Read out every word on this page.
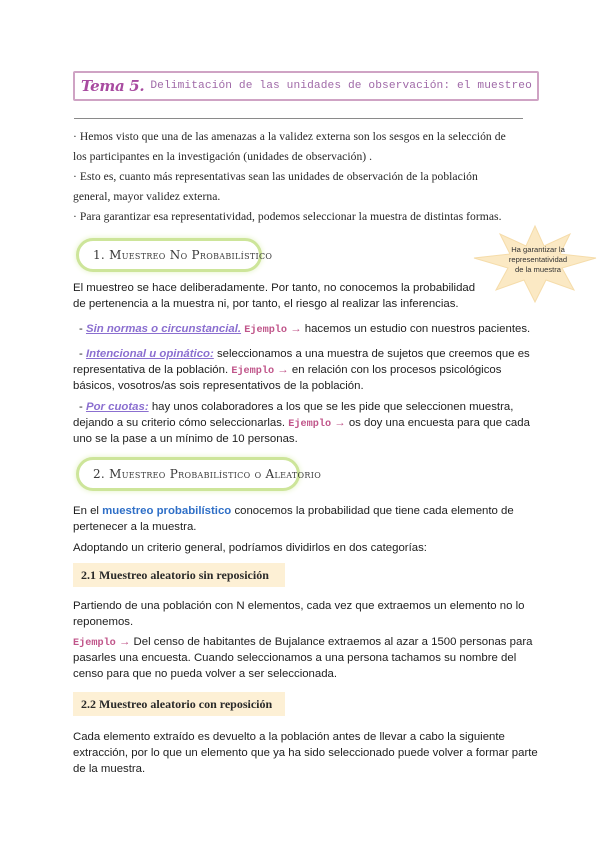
Tema 5. Delimitación de las unidades de observación: el muestreo
· Hemos visto que una de las amenazas a la validez externa son los sesgos en la selección de
los participantes en la investigación (unidades de observación) .
· Esto es, cuanto más representativas sean las unidades de observación de la población
general, mayor validez externa.
· Para garantizar esa representatividad, podemos seleccionar la muestra de distintas formas.
1. Muestreo No Probabilístico	Ha garantizar la
representatividad
de la muestra
El muestreo se hace deliberadamente. Por tanto, no conocemos la probabilidad
de pertenencia a la muestra ni, por tanto, el riesgo al realizar las inferencias.
- Sin normas o circunstancial. Ejemplo → hacemos un estudio con nuestros pacientes.
- Intencional u opinático: seleccionamos a una muestra de sujetos que creemos que es
representativa de la población. Ejemplo → en relación con los procesos psicológicos
básicos, vosotros/as sois representativos de la población.
- Por cuotas: hay unos colaboradores a los que se les pide que seleccionen muestra,
dejando a su criterio cómo seleccionarlas. Ejemplo → os doy una encuesta para que cada
uno se la pase a un mínimo de 10 personas.
2. Muestreo Probabilístico o Aleatorio
En el muestreo probabilístico conocemos la probabilidad que tiene cada elemento de
pertenecer a la muestra.
Adoptando un criterio general, podríamos dividirlos en dos categorías:
2.1 Muestreo aleatorio sin reposición
Partiendo de una población con N elementos, cada vez que extraemos un elemento no lo
reponemos.
Ejemplo → Del censo de habitantes de Bujalance extraemos al azar a 1500 personas para
pasarles una encuesta. Cuando seleccionamos a una persona tachamos su nombre del
censo para que no pueda volver a ser seleccionada.
2.2 Muestreo aleatorio con reposición
Cada elemento extraído es devuelto a la población antes de llevar a cabo la siguiente
extracción, por lo que un elemento que ya ha sido seleccionado puede volver a formar parte
de la muestra.
